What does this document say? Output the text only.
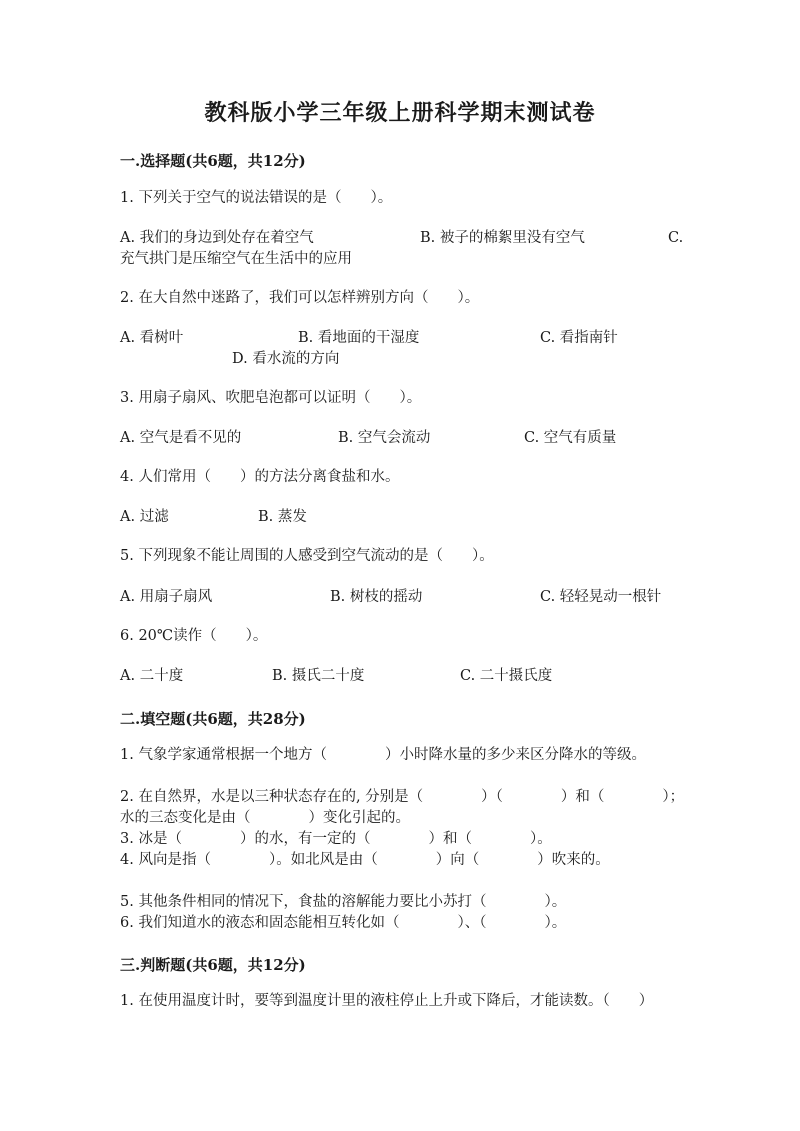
教科版小学三年级上册科学期末测试卷
一.选择题(共6题，共12分)
1. 下列关于空气的说法错误的是（　　）。
A. 我们的身边到处存在着空气	B. 被子的棉絮里没有空气	C.
充气拱门是压缩空气在生活中的应用
2. 在大自然中迷路了，我们可以怎样辨别方向（　　）。
A. 看树叶	B. 看地面的干湿度	C. 看指南针
D. 看水流的方向
3. 用扇子扇风、吹肥皂泡都可以证明（　　）。
A. 空气是看不见的	B. 空气会流动	C. 空气有质量
4. 人们常用（　　）的方法分离食盐和水。
A. 过滤	B. 蒸发
5. 下列现象不能让周围的人感受到空气流动的是（　　）。
A. 用扇子扇风	B. 树枝的摇动	C. 轻轻晃动一根针
6. 20℃读作（　　）。
A. 二十度	B. 摄氏二十度	C. 二十摄氏度
二.填空题(共6题，共28分)
1. 气象学家通常根据一个地方（　　　　）小时降水量的多少来区分降水的等级。
2. 在自然界，水是以三种状态存在的, 分别是（　　　　）（　　　　）和（　　　　）；水的三态变化是由（　　　　）变化引起的。
3. 冰是（　　　　）的水，有一定的（　　　　）和（　　　　）。
4. 风向是指（　　　　）。如北风是由（　　　　）向（　　　　）吹来的。
5. 其他条件相同的情况下，食盐的溶解能力要比小苏打（　　　　）。
6. 我们知道水的液态和固态能相互转化如（　　　　）、（　　　　）。
三.判断题(共6题，共12分)
1. 在使用温度计时，要等到温度计里的液柱停止上升或下降后，才能读数。（　　）
